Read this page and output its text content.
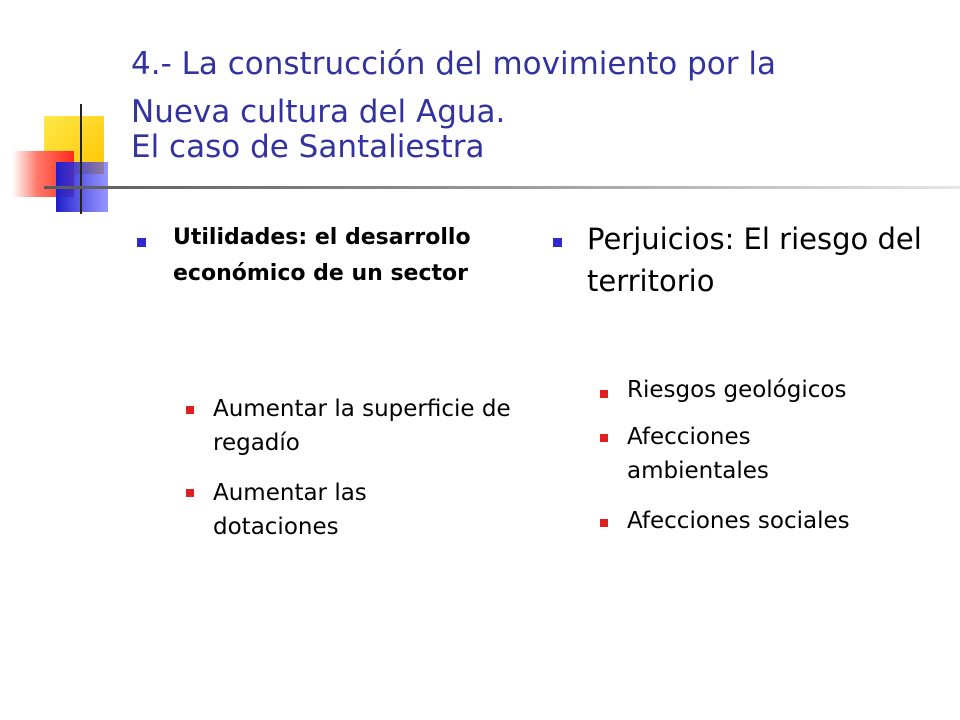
4.- La construcción del movimiento por la
Nueva cultura del Agua.
El caso de Santaliestra
Utilidades: el desarrollo económico de un sector
Aumentar la superficie de regadío
Aumentar las dotaciones
Perjuicios: El riesgo del territorio
Riesgos geológicos
Afecciones ambientales
Afecciones sociales
